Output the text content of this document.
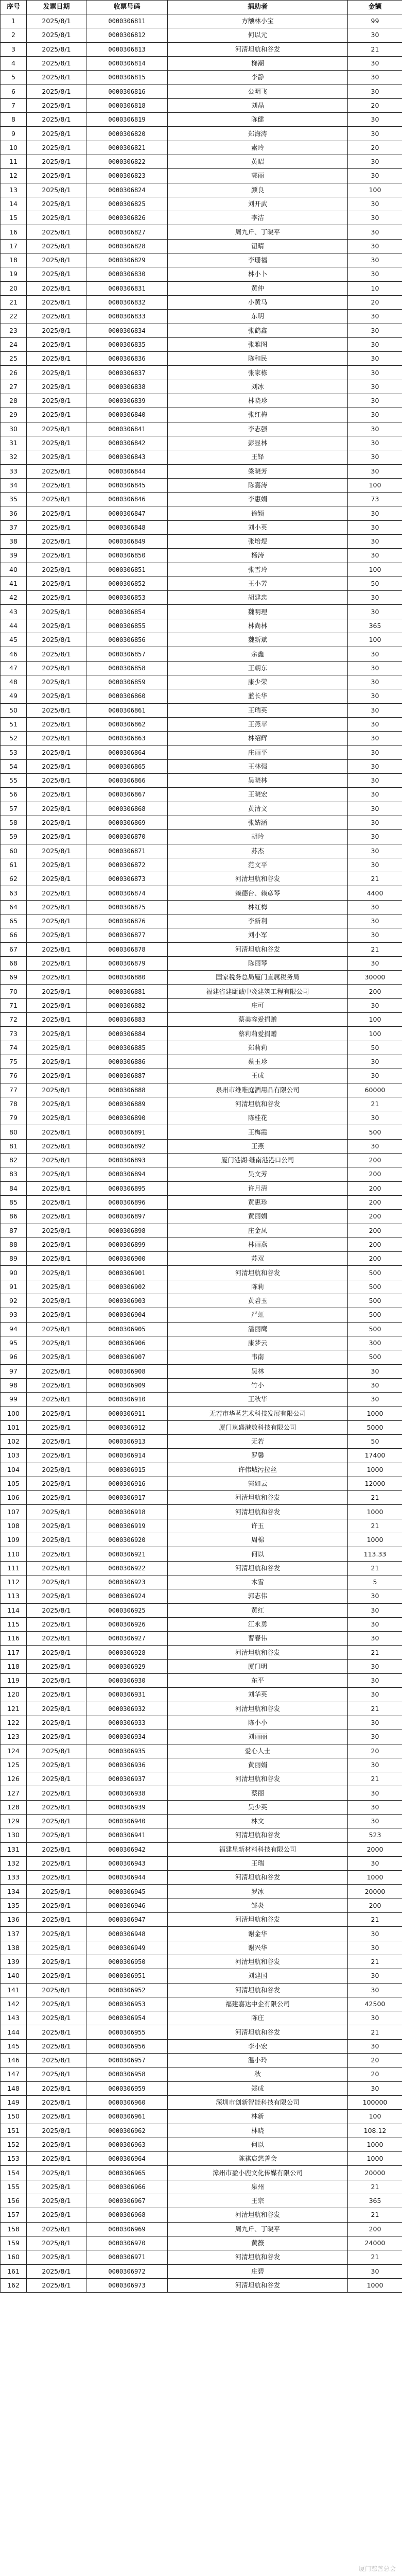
序号	发票日期	收票号码	捐助者	金额
1	2025/8/1	0000306811	方额林小宝	99
2	2025/8/1	0000306812	何以元	30
3	2025/8/1	0000306813	河清坦航和谷发	21
4	2025/8/1	0000306814	梯潮	30
5	2025/8/1	0000306815	李静	30
6	2025/8/1	0000306816	公明飞	30
7	2025/8/1	0000306818	刘晶	20
8	2025/8/1	0000306819	陈健	30
9	2025/8/1	0000306820	郑海涛	30
10	2025/8/1	0000306821	素玲	20
11	2025/8/1	0000306822	黄昭	30
12	2025/8/1	0000306823	郭丽	30
13	2025/8/1	0000306824	颜良	100
14	2025/8/1	0000306825	刘开武	30
15	2025/8/1	0000306826	李洁	30
16	2025/8/1	0000306827	周九斤、丁晓平	30
17	2025/8/1	0000306828	钮晴	30
18	2025/8/1	0000306829	李珊福	30
19	2025/8/1	0000306830	林小卜	30
20	2025/8/1	0000306831	黄仲	10
21	2025/8/1	0000306832	小黄马	20
22	2025/8/1	0000306833	东明	30
23	2025/8/1	0000306834	张鹤鑫	30
24	2025/8/1	0000306835	张雅图	30
25	2025/8/1	0000306836	陈和民	30
26	2025/8/1	0000306837	张家栋	30
27	2025/8/1	0000306838	刘冰	30
28	2025/8/1	0000306839	林晓珍	30
29	2025/8/1	0000306840	张红梅	30
30	2025/8/1	0000306841	李志强	30
31	2025/8/1	0000306842	彭显林	30
32	2025/8/1	0000306843	王铎	30
33	2025/8/1	0000306844	梁晓芳	30
34	2025/8/1	0000306845	陈嘉涛	100
35	2025/8/1	0000306846	李惠娟	73
36	2025/8/1	0000306847	徐颖	30
37	2025/8/1	0000306848	刘小英	30
38	2025/8/1	0000306849	张培煜	30
39	2025/8/1	0000306850	杨涛	30
40	2025/8/1	0000306851	张雪玲	100
41	2025/8/1	0000306852	王小芳	50
42	2025/8/1	0000306853	胡建忠	30
43	2025/8/1	0000306854	魏明理	30
44	2025/8/1	0000306855	林尚林	365
45	2025/8/1	0000306856	魏新斌	100
46	2025/8/1	0000306857	余鑫	30
47	2025/8/1	0000306858	王朝东	30
48	2025/8/1	0000306859	康少荣	30
49	2025/8/1	0000306860	蓝长华	30
50	2025/8/1	0000306861	王瑞英	30
51	2025/8/1	0000306862	王燕苹	30
52	2025/8/1	0000306863	林绍辉	30
53	2025/8/1	0000306864	庄丽平	30
54	2025/8/1	0000306865	王林强	30
55	2025/8/1	0000306866	吴晓林	30
56	2025/8/1	0000306867	王晓宏	30
57	2025/8/1	0000306868	黄清文	30
58	2025/8/1	0000306869	张婧涵	30
59	2025/8/1	0000306870	胡玲	30
60	2025/8/1	0000306871	苏杰	30
61	2025/8/1	0000306872	范文平	30
62	2025/8/1	0000306873	河清坦航和谷发	21
63	2025/8/1	0000306874	赖德台、赖彦琴	4400
64	2025/8/1	0000306875	林红梅	30
65	2025/8/1	0000306876	李新利	30
66	2025/8/1	0000306877	刘小军	30
67	2025/8/1	0000306878	河清坦航和谷发	21
68	2025/8/1	0000306879	陈丽琴	30
69	2025/8/1	0000306880	国家税务总局厦门直属税务局	30000
70	2025/8/1	0000306881	福建省建瓯诚中炎建筑工程有限公司	200
71	2025/8/1	0000306882	庄可	30
72	2025/8/1	0000306883	蔡美容爱捐赠	100
73	2025/8/1	0000306884	蔡莉莉爱捐赠	100
74	2025/8/1	0000306885	郑莉莉	50
75	2025/8/1	0000306886	蔡玉珍	30
76	2025/8/1	0000306887	王成	30
77	2025/8/1	0000306888	泉州市维唯庭酒用品有限公司	60000
78	2025/8/1	0000306889	河清坦航和谷发	21
79	2025/8/1	0000306890	陈桂花	30
80	2025/8/1	0000306891	王梅霞	500
81	2025/8/1	0000306892	王燕	30
82	2025/8/1	0000306893	厦门港湖·继南港港口公司	200
83	2025/8/1	0000306894	吴文芳	200
84	2025/8/1	0000306895	许月清	200
85	2025/8/1	0000306896	黄惠珍	200
86	2025/8/1	0000306897	黄丽娟	200
87	2025/8/1	0000306898	庄金凤	200
88	2025/8/1	0000306899	林丽燕	200
89	2025/8/1	0000306900	苏双	200
90	2025/8/1	0000306901	河清坦航和谷发	500
91	2025/8/1	0000306902	陈莉	500
92	2025/8/1	0000306903	黄碧玉	500
93	2025/8/1	0000306904	严虹	500
94	2025/8/1	0000306905	潘丽鹰	500
95	2025/8/1	0000306906	康梦云	300
96	2025/8/1	0000306907	韦南	500
97	2025/8/1	0000306908	吴林	30
98	2025/8/1	0000306909	竹小	30
99	2025/8/1	0000306910	王秋华	30
100	2025/8/1	0000306911	无若市华茗艺术科技发展有限公司	1000
101	2025/8/1	0000306912	厦门岚盛港数科技有限公司	5000
102	2025/8/1	0000306913	无若	50
103	2025/8/1	0000306914	罗馨	17400
104	2025/8/1	0000306915	许伟城污拉丝	1000
105	2025/8/1	0000306916	郭如云	12000
106	2025/8/1	0000306917	河清坦航和谷发	21
107	2025/8/1	0000306918	河清坦航和谷发	1000
108	2025/8/1	0000306919	许玉	21
109	2025/8/1	0000306920	周棉	1000
110	2025/8/1	0000306921	何以	113.33
111	2025/8/1	0000306922	河清坦航和谷发	21
112	2025/8/1	0000306923	木雪	5
113	2025/8/1	0000306924	郭志伟	30
114	2025/8/1	0000306925	黄红	30
115	2025/8/1	0000306926	江永勇	30
116	2025/8/1	0000306927	曹春伟	30
117	2025/8/1	0000306928	河清坦航和谷发	21
118	2025/8/1	0000306929	厦门明	30
119	2025/8/1	0000306930	东平	30
120	2025/8/1	0000306931	刘华英	30
121	2025/8/1	0000306932	河清坦航和谷发	21
122	2025/8/1	0000306933	陈小小	30
123	2025/8/1	0000306934	刘丽丽	30
124	2025/8/1	0000306935	爱心人士	20
125	2025/8/1	0000306936	黄丽娟	30
126	2025/8/1	0000306937	河清坦航和谷发	21
127	2025/8/1	0000306938	蔡丽	30
128	2025/8/1	0000306939	吴少英	30
129	2025/8/1	0000306940	林文	30
130	2025/8/1	0000306941	河清坦航和谷发	523
131	2025/8/1	0000306942	福建星新材料科技有限公司	2000
132	2025/8/1	0000306943	王瑞	30
133	2025/8/1	0000306944	河清坦航和谷发	1000
134	2025/8/1	0000306945	罗冰	20000
135	2025/8/1	0000306946	邹炎	200
136	2025/8/1	0000306947	河清坦航和谷发	21
137	2025/8/1	0000306948	谢金华	30
138	2025/8/1	0000306949	谢兴华	30
139	2025/8/1	0000306950	河清坦航和谷发	21
140	2025/8/1	0000306951	刘建国	30
141	2025/8/1	0000306952	河清坦航和谷发	30
142	2025/8/1	0000306953	福建嘉达中企有限公司	42500
143	2025/8/1	0000306954	陈庄	30
144	2025/8/1	0000306955	河清坦航和谷发	21
145	2025/8/1	0000306956	李小宏	30
146	2025/8/1	0000306957	温小玲	20
147	2025/8/1	0000306958	秋	20
148	2025/8/1	0000306959	郑成	30
149	2025/8/1	0000306960	深圳市创新智能科技有限公司	100000
150	2025/8/1	0000306961	林新	100
151	2025/8/1	0000306962	林晓	108.12
152	2025/8/1	0000306963	何以	1000
153	2025/8/1	0000306964	陈祺宸慈善会	1000
154	2025/8/1	0000306965	漳州市盈小鹿文化传媒有限公司	20000
155	2025/8/1	0000306966	泉州	21
156	2025/8/1	0000306967	王宗	365
157	2025/8/1	0000306968	河清坦航和谷发	21
158	2025/8/1	0000306969	周九斤、丁晓平	200
159	2025/8/1	0000306970	黄薇	24000
160	2025/8/1	0000306971	河清坦航和谷发	21
161	2025/8/1	0000306972	庄碧	30
162	2025/8/1	0000306973	河清坦航和谷发	1000
厦门慈善总会
